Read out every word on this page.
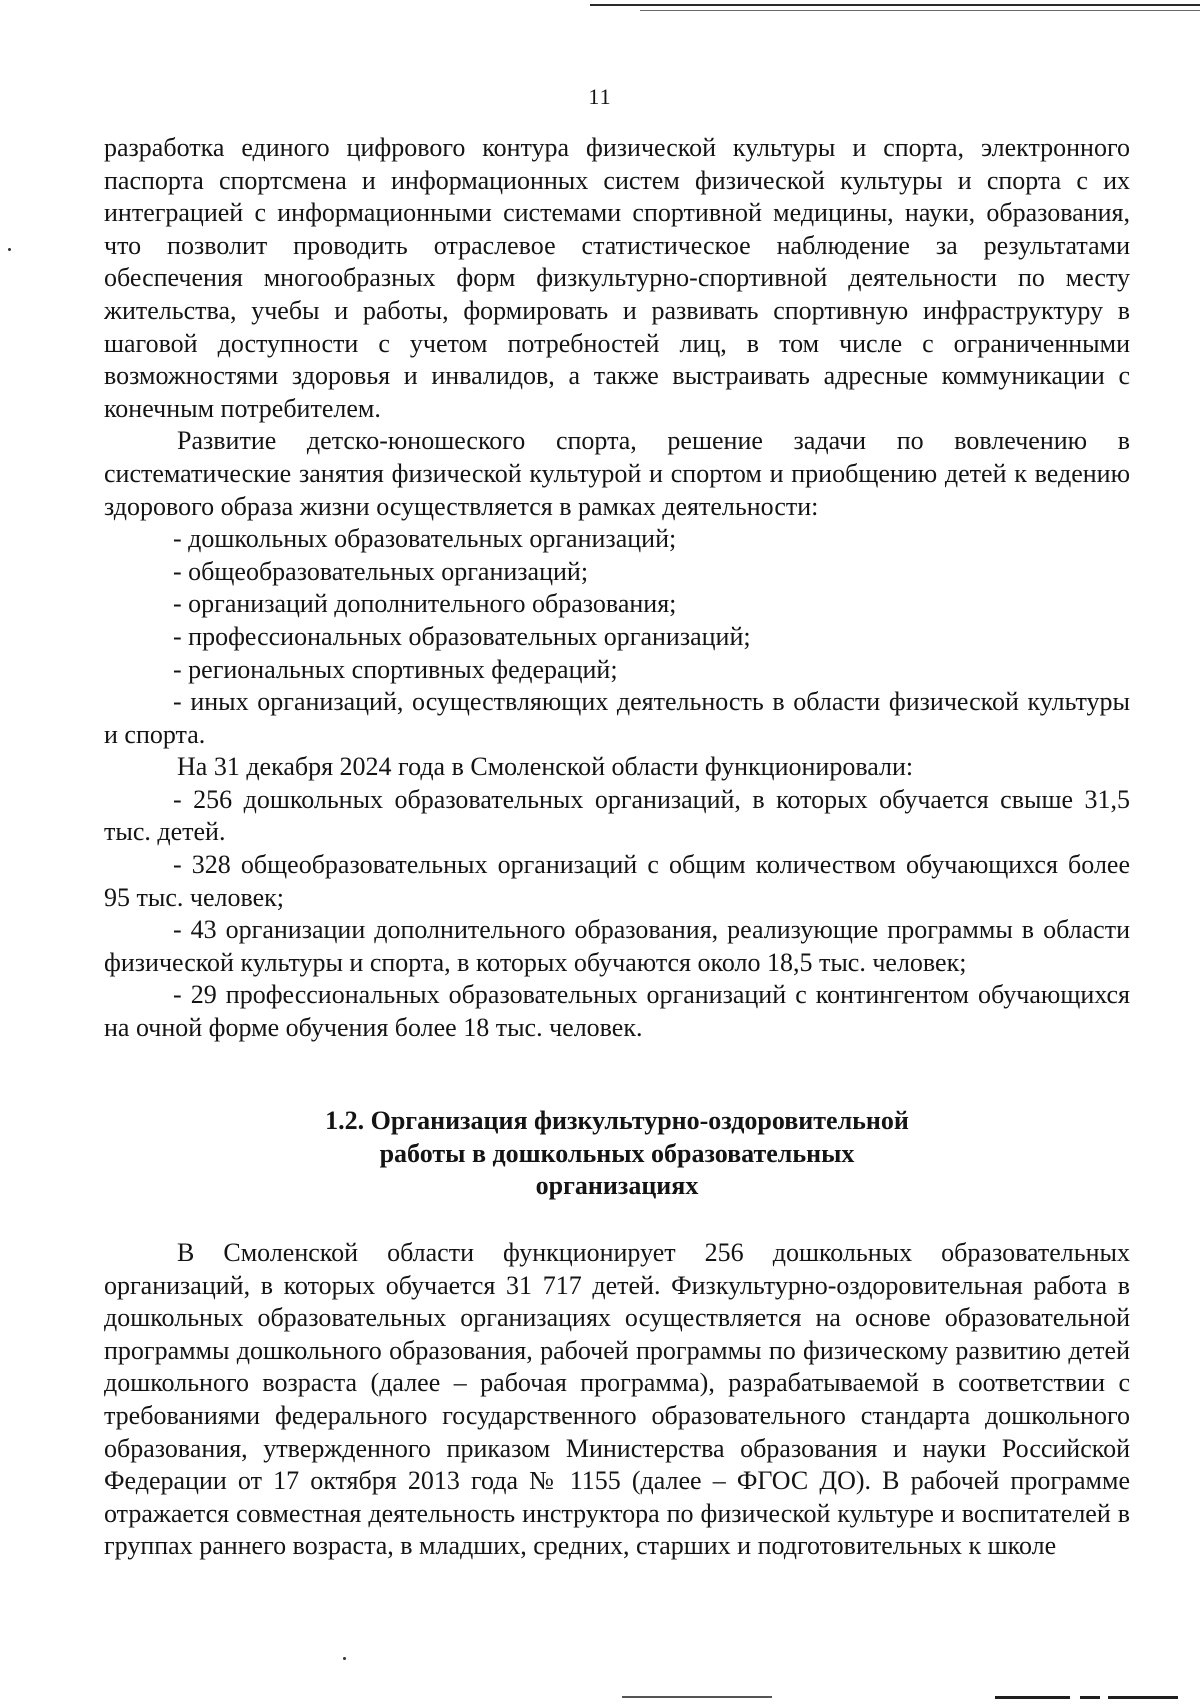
11

разработка единого цифрового контура физической культуры и спорта, электронного паспорта спортсмена и информационных систем физической культуры и спорта с их интеграцией с информационными системами спортивной медицины, науки, образования, что позволит проводить отраслевое статистическое наблюдение за результатами обеспечения многообразных форм физкультурно-спортивной деятельности по месту жительства, учебы и работы, формировать и развивать спортивную инфраструктуру в шаговой доступности с учетом потребностей лиц, в том числе с ограниченными возможностями здоровья и инвалидов, а также выстраивать адресные коммуникации с конечным потребителем.

Развитие детско-юношеского спорта, решение задачи по вовлечению в систематические занятия физической культурой и спортом и приобщению детей к ведению здорового образа жизни осуществляется в рамках деятельности:

- дошкольных образовательных организаций;

- общеобразовательных организаций;

- организаций дополнительного образования;

- профессиональных образовательных организаций;

- региональных спортивных федераций;

- иных организаций, осуществляющих деятельность в области физической культуры и спорта.

На 31 декабря 2024 года в Смоленской области функционировали:

- 256 дошкольных образовательных организаций, в которых обучается свыше 31,5 тыс. детей.

- 328 общеобразовательных организаций с общим количеством обучающихся более 95 тыс. человек;

- 43 организации дополнительного образования, реализующие программы в области физической культуры и спорта, в которых обучаются около 18,5 тыс. человек;

- 29 профессиональных образовательных организаций с контингентом обучающихся на очной форме обучения более 18 тыс. человек.

1.2. Организация физкультурно-оздоровительной
работы в дошкольных образовательных
организациях

В Смоленской области функционирует 256 дошкольных образовательных организаций, в которых обучается 31 717 детей. Физкультурно-оздоровительная работа в дошкольных образовательных организациях осуществляется на основе образовательной программы дошкольного образования, рабочей программы по физическому развитию детей дошкольного возраста (далее – рабочая программа), разрабатываемой в соответствии с требованиями федерального государственного образовательного стандарта дошкольного образования, утвержденного приказом Министерства образования и науки Российской Федерации от 17 октября 2013 года № 1155 (далее – ФГОС ДО). В рабочей программе отражается совместная деятельность инструктора по физической культуре и воспитателей в группах раннего возраста, в младших, средних, старших и подготовительных к школе
